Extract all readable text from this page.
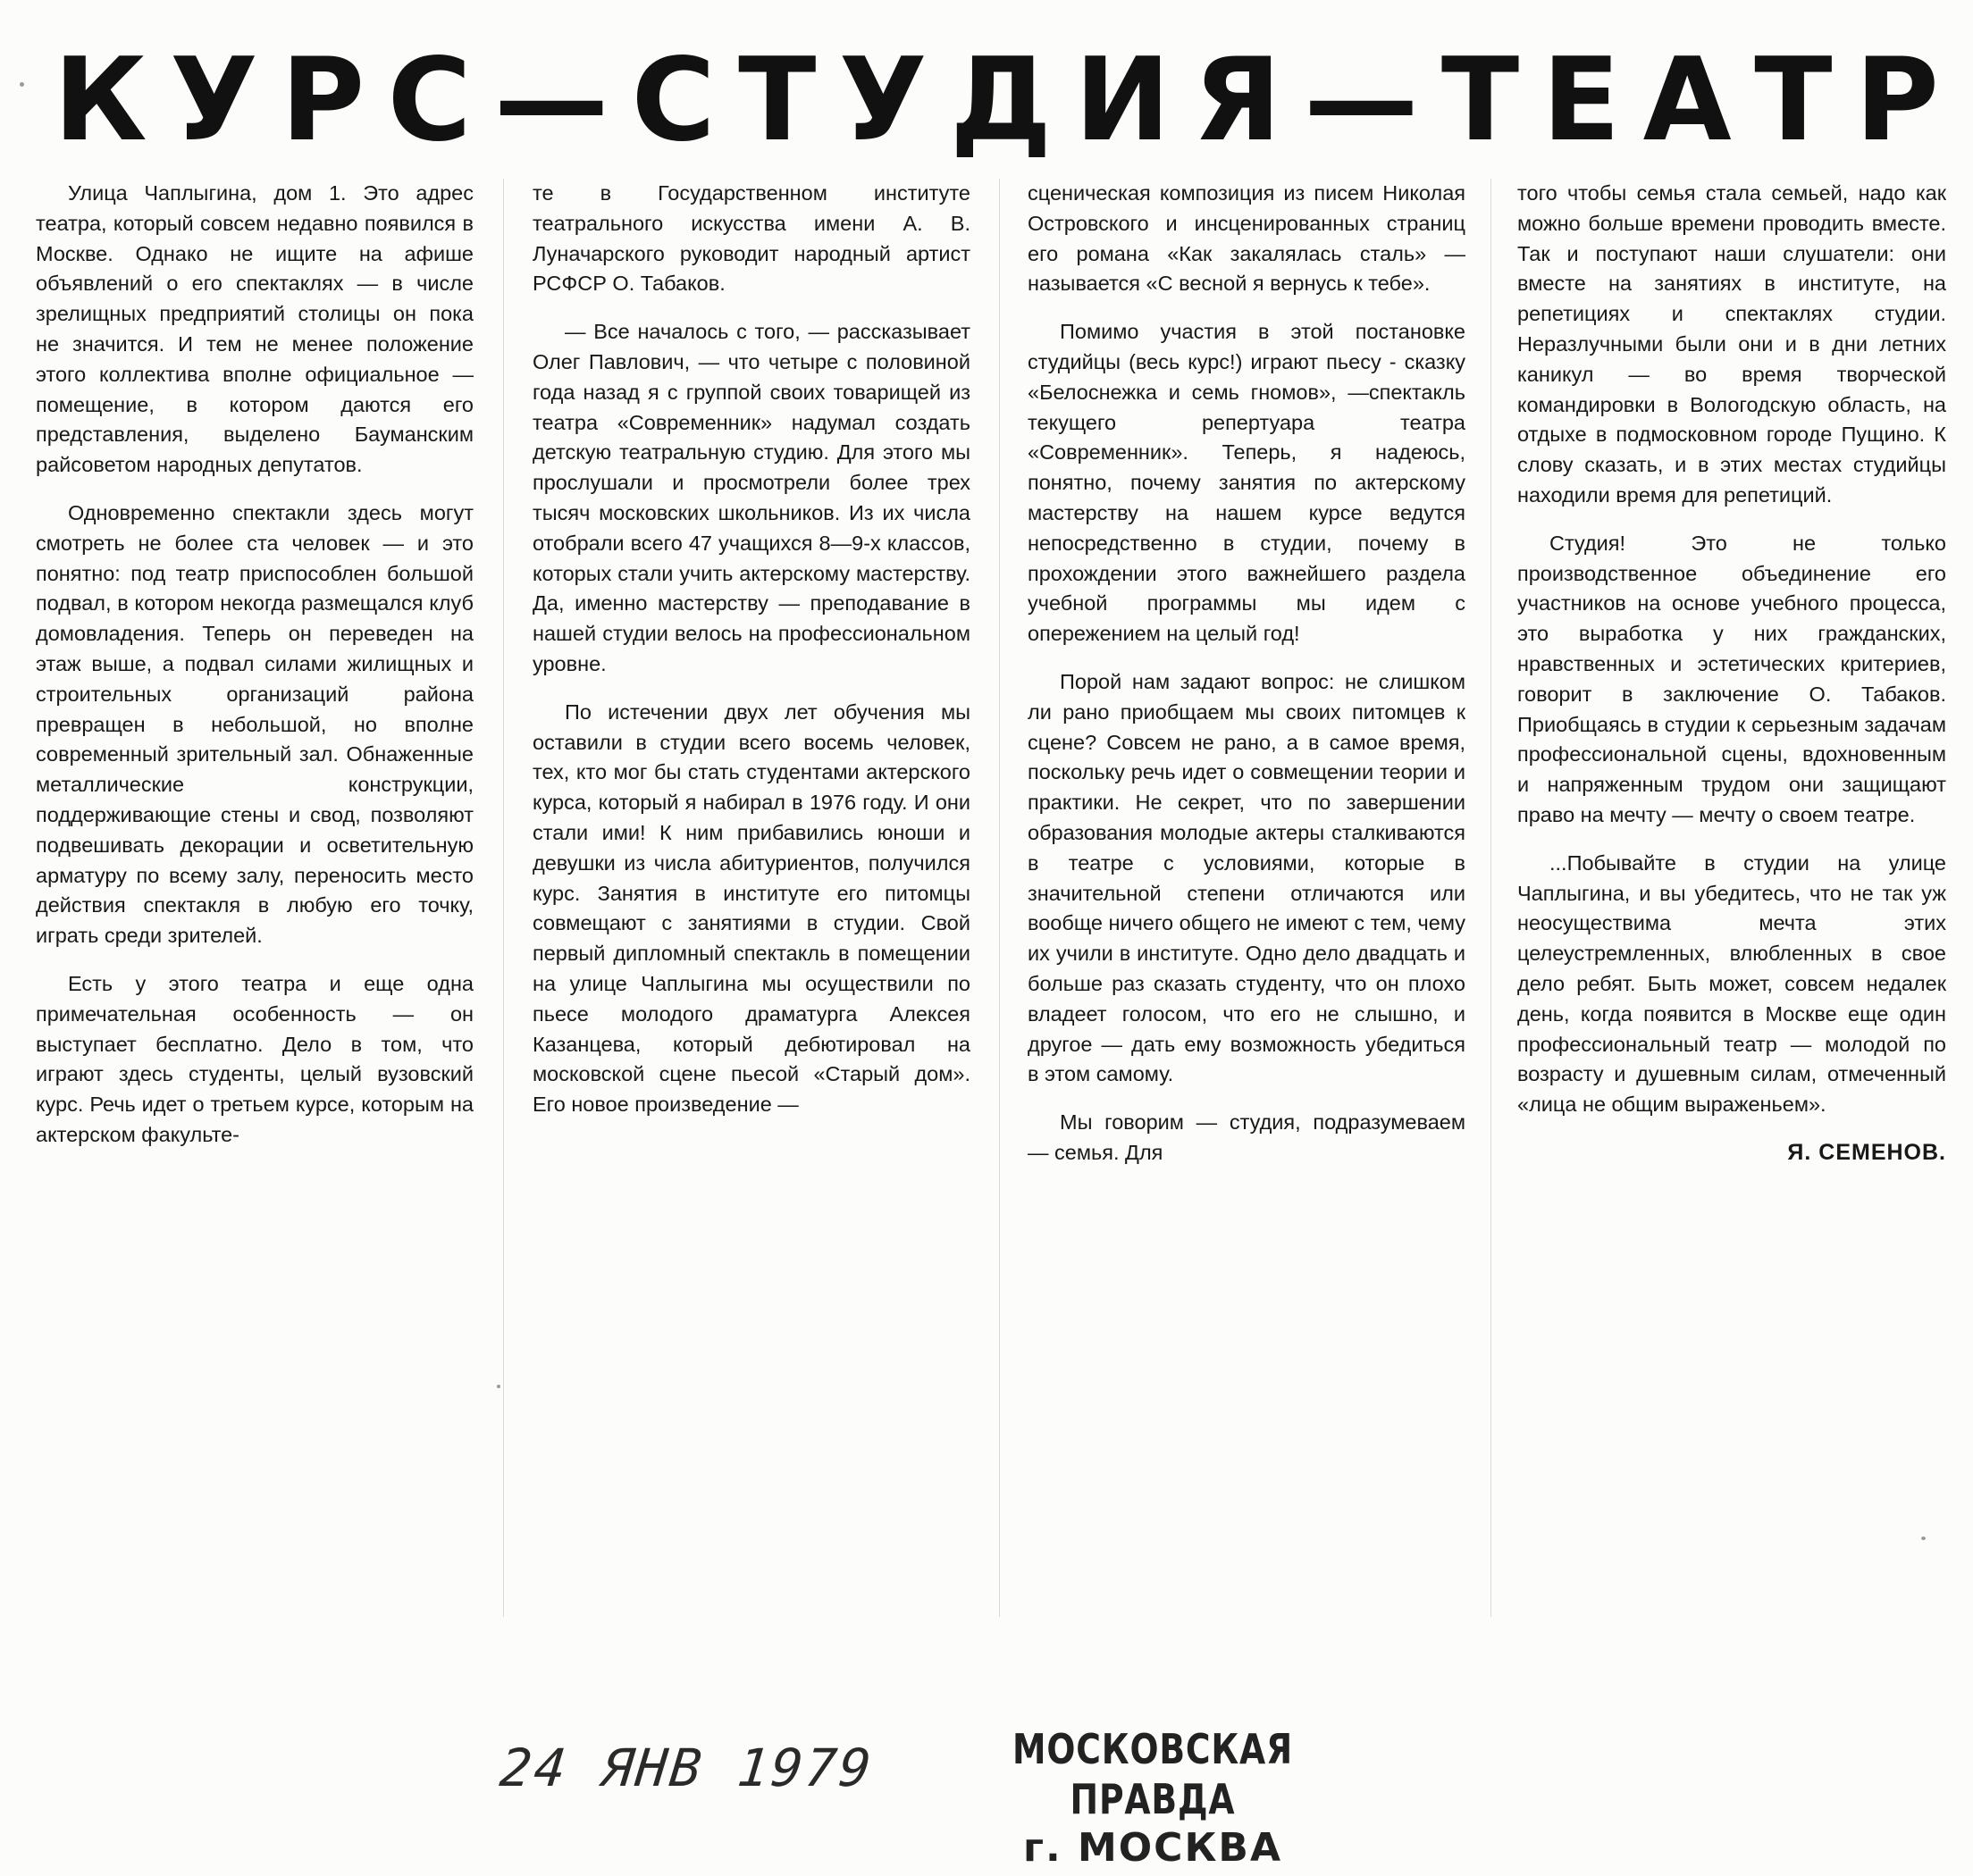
К У Р С — С Т У Д И Я — Т Е А Т Р

Улица Чаплыгина, дом 1. Это адрес театра, который совсем недавно появился в Москве. Однако не ищите на афише объявлений о его спектаклях — в числе зрелищных предприятий столицы он пока не значится. И тем не менее положение этого коллектива вполне официальное — помещение, в котором даются его представления, выделено Бауманским райсоветом народных депутатов.

Одновременно спектакли здесь могут смотреть не более ста человек — и это понятно: под театр приспособлен большой подвал, в котором некогда размещался клуб домовладения. Теперь он переведен на этаж выше, а подвал силами жилищных и строительных организаций района превращен в небольшой, но вполне современный зрительный зал. Обнаженные металлические конструкции, поддерживающие стены и свод, позволяют подвешивать декорации и осветительную арматуру по всему залу, переносить место действия спектакля в любую его точку, играть среди зрителей.

Есть у этого театра и еще одна примечательная особенность — он выступает бесплатно. Дело в том, что играют здесь студенты, целый вузовский курс. Речь идет о третьем курсе, которым на актерском факульте-

те в Государственном институте театрального искусства имени А. В. Луначарского руководит народный артист РСФСР О. Табаков.

— Все началось с того, — рассказывает Олег Павлович, — что четыре с половиной года назад я с группой своих товарищей из театра «Современник» надумал создать детскую театральную студию. Для этого мы прослушали и просмотрели более трех тысяч московских школьников. Из их числа отобрали всего 47 учащихся 8—9-х классов, которых стали учить актерскому мастерству. Да, именно мастерству — преподавание в нашей студии велось на профессиональном уровне.

По истечении двух лет обучения мы оставили в студии всего восемь человек, тех, кто мог бы стать студентами актерского курса, который я набирал в 1976 году. И они стали ими! К ним прибавились юноши и девушки из числа абитуриентов, получился курс. Занятия в институте его питомцы совмещают с занятиями в студии. Свой первый дипломный спектакль в помещении на улице Чаплыгина мы осуществили по пьесе молодого драматурга Алексея Казанцева, который дебютировал на московской сцене пьесой «Старый дом». Его новое произведение —

сценическая композиция из писем Николая Островского и инсценированных страниц его романа «Как закалялась сталь» — называется «С весной я вернусь к тебе».

Помимо участия в этой постановке студийцы (весь курс!) играют пьесу - сказку «Белоснежка и семь гномов», —спектакль текущего репертуара театра «Современник». Теперь, я надеюсь, понятно, почему занятия по актерскому мастерству на нашем курсе ведутся непосредственно в студии, почему в прохождении этого важнейшего раздела учебной программы мы идем с опережением на целый год!

Порой нам задают вопрос: не слишком ли рано приобщаем мы своих питомцев к сцене? Совсем не рано, а в самое время, поскольку речь идет о совмещении теории и практики. Не секрет, что по завершении образования молодые актеры сталкиваются в театре с условиями, которые в значительной степени отличаются или вообще ничего общего не имеют с тем, чему их учили в институте. Одно дело двадцать и больше раз сказать студенту, что он плохо владеет голосом, что его не слышно, и другое — дать ему возможность убедиться в этом самому.

Мы говорим — студия, подразумеваем — семья. Для

того чтобы семья стала семьей, надо как можно больше времени проводить вместе. Так и поступают наши слушатели: они вместе на занятиях в институте, на репетициях и спектаклях студии. Неразлучными были они и в дни летних каникул — во время творческой командировки в Вологодскую область, на отдыхе в подмосковном городе Пущино. К слову сказать, и в этих местах студийцы находили время для репетиций.

Студия! Это не только производственное объединение его участников на основе учебного процесса, это выработка у них гражданских, нравственных и эстетических критериев, говорит в заключение О. Табаков. Приобщаясь в студии к серьезным задачам профессиональной сцены, вдохновенным и напряженным трудом они защищают право на мечту — мечту о своем театре.

...Побывайте в студии на улице Чаплыгина, и вы убедитесь, что не так уж неосуществима мечта этих целеустремленных, влюбленных в свое дело ребят. Быть может, совсем недалек день, когда появится в Москве еще один профессиональный театр — молодой по возрасту и душевным силам, отмеченный «лица не общим выраженьем».

Я. СЕМЕНОВ.

24 ЯНВ 1979	МОСКОВСКАЯ ПРАВДА
г. МОСКВА
